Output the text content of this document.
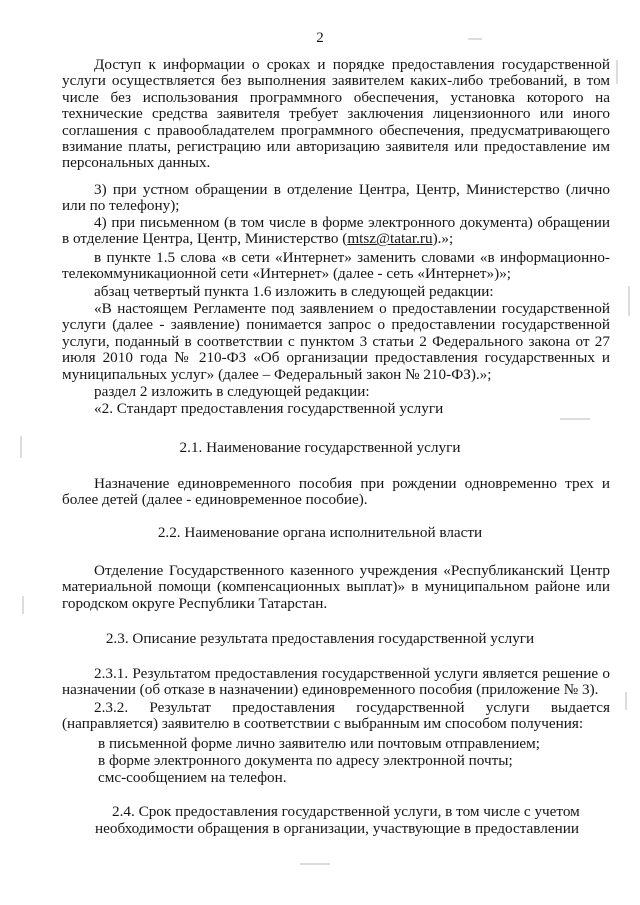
2

Доступ к информации о сроках и порядке предоставления государственной услуги осуществляется без выполнения заявителем каких-либо требований, в том числе без использования программного обеспечения, установка которого на технические средства заявителя требует заключения лицензионного или иного соглашения с правообладателем программного обеспечения, предусматривающего взимание платы, регистрацию или авторизацию заявителя или предоставление им персональных данных.

3) при устном обращении в отделение Центра, Центр, Министерство (лично или по телефону);

4) при письменном (в том числе в форме электронного документа) обращении в отделение Центра, Центр, Министерство (mtsz@tatar.ru).»;

в пункте 1.5 слова «в сети «Интернет» заменить словами «в информационно-телекоммуникационной сети «Интернет» (далее - сеть «Интернет»)»;

абзац четвертый пункта 1.6 изложить в следующей редакции:

«В настоящем Регламенте под заявлением о предоставлении государственной услуги (далее - заявление) понимается запрос о предоставлении государственной услуги, поданный в соответствии с пунктом 3 статьи 2 Федерального закона от 27 июля 2010 года № 210-ФЗ «Об организации предоставления государственных и муниципальных услуг» (далее – Федеральный закон № 210-ФЗ).»;

раздел 2 изложить в следующей редакции:

«2. Стандарт предоставления государственной услуги

2.1. Наименование государственной услуги

Назначение единовременного пособия при рождении одновременно трех и более детей (далее - единовременное пособие).

2.2. Наименование органа исполнительной власти

Отделение Государственного казенного учреждения «Республиканский Центр материальной помощи (компенсационных выплат)» в муниципальном районе или городском округе Республики Татарстан.

2.3. Описание результата предоставления государственной услуги

2.3.1. Результатом предоставления государственной услуги является решение о назначении (об отказе в назначении) единовременного пособия (приложение № 3).

2.3.2. Результат предоставления государственной услуги выдается (направляется) заявителю в соответствии с выбранным им способом получения:

в письменной форме лично заявителю или почтовым отправлением;

в форме электронного документа по адресу электронной почты;

смс-сообщением на телефон.

2.4. Срок предоставления государственной услуги, в том числе с учетом

необходимости обращения в организации, участвующие в предоставлении
